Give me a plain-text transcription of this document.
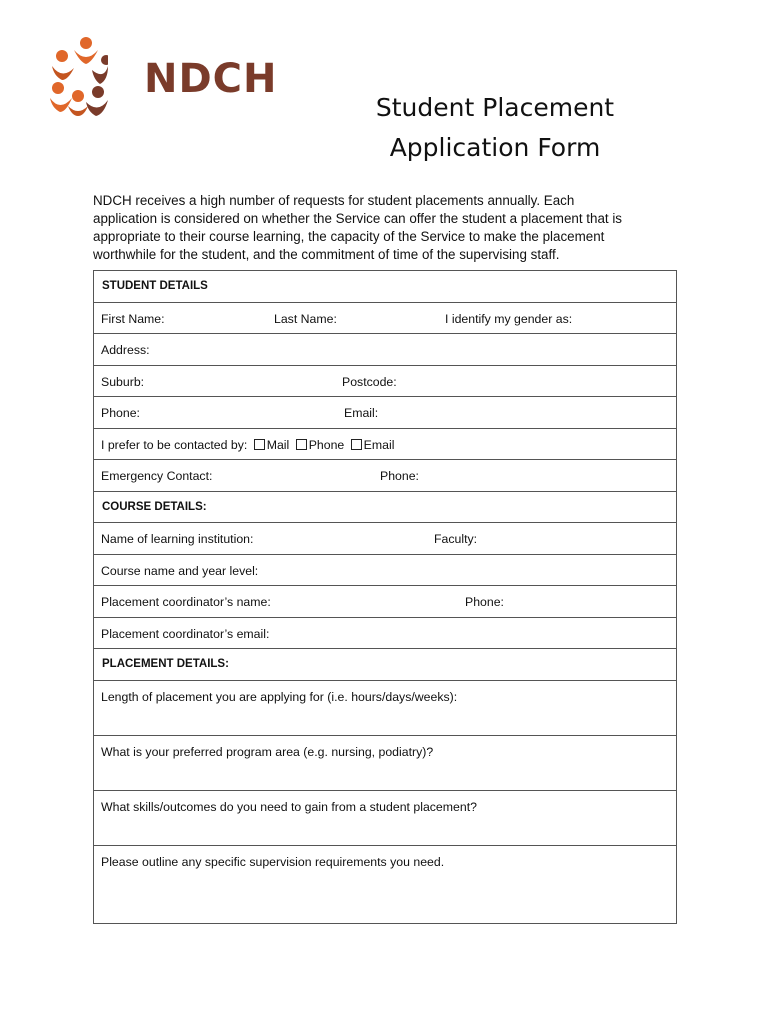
NDCH
Student Placement
Application Form
NDCH receives a high number of requests for student placements annually. Each
application is considered on whether the Service can offer the student a placement that is
appropriate to their course learning, the capacity of the Service to make the placement
worthwhile for the student, and the commitment of time of the supervising staff.
STUDENT DETAILS
First Name:	Last Name:	I identify my gender as:
Address:
Suburb:	Postcode:
Phone:	Email:
I prefer to be contacted by: Mail Phone Email
Emergency Contact:	Phone:
COURSE DETAILS:
Name of learning institution:	Faculty:
Course name and year level:
Placement coordinator’s name:	Phone:
Placement coordinator’s email:
PLACEMENT DETAILS:
Length of placement you are applying for (i.e. hours/days/weeks):
What is your preferred program area (e.g. nursing, podiatry)?
What skills/outcomes do you need to gain from a student placement?
Please outline any specific supervision requirements you need.
